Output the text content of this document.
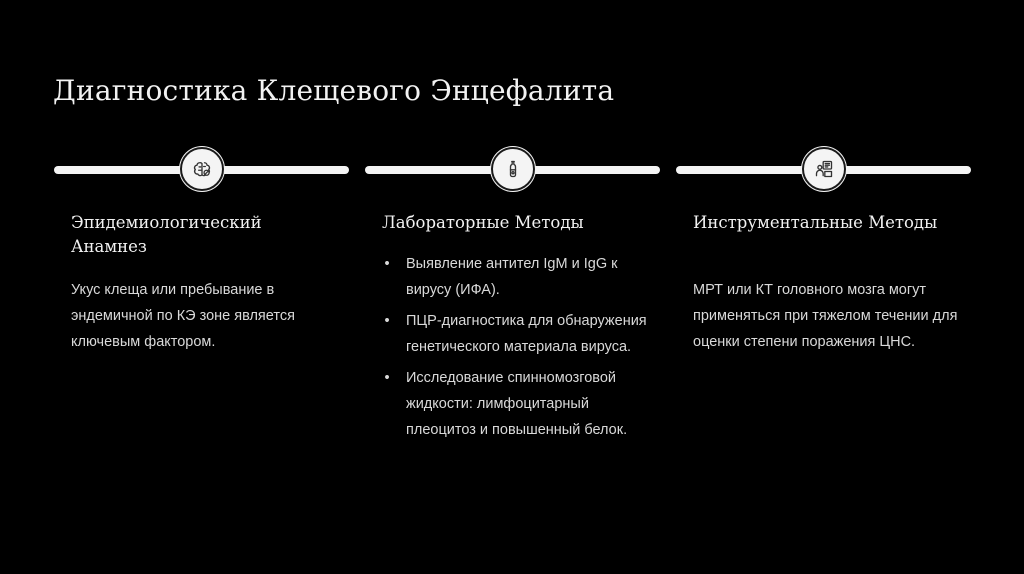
Диагностика Клещевого Энцефалита
Эпидемиологический Анамнез

Укус клеща или пребывание в эндемичной по КЭ зоне является ключевым фактором.

Лабораторные Методы
• Выявление антител IgM и IgG к вирусу (ИФА).
• ПЦР-диагностика для обнаружения генетического материала вируса.
• Исследование спинномозговой жидкости: лимфоцитарный плеоцитоз и повышенный белок.
Инструментальные Методы

МРТ или КТ головного мозга могут применяться при тяжелом течении для оценки степени поражения ЦНС.
